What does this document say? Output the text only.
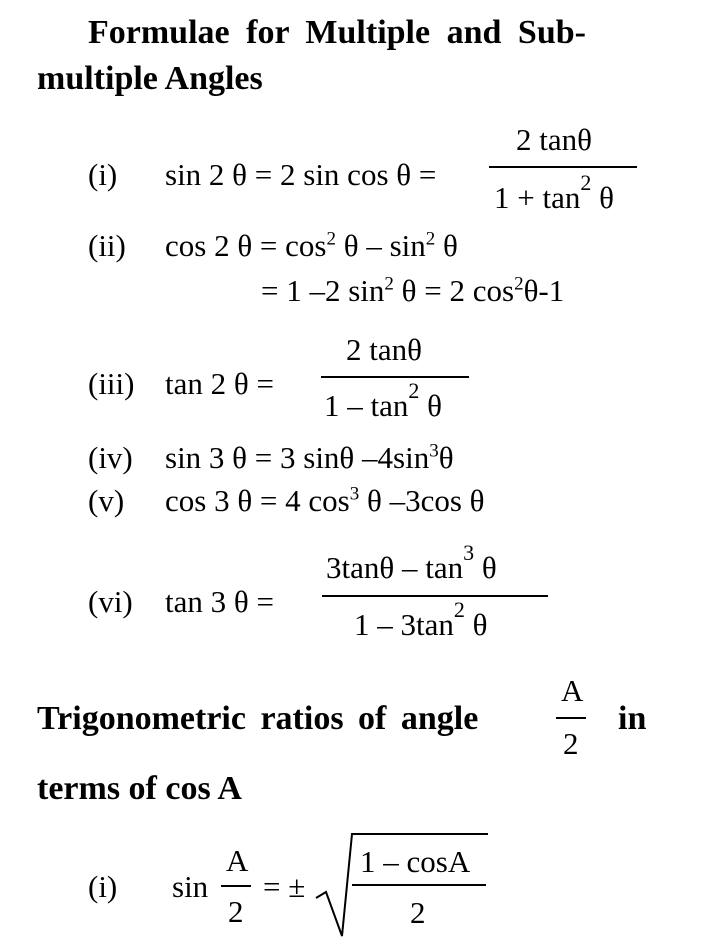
Formulae for Multiple and Sub-
multiple Angles
(i) sin 2 θ = 2 sin cos θ =
2 tanθ
$1 + \tan^2 \theta$
(ii) cos 2 $\theta = \cos^2 \theta - \sin^2 \theta$
= 1 –2 $\sin^2 \theta = 2$ $\cos^2\theta-1$
(iii) tan 2 θ =
2 tanθ
$1 - \tan^2 \theta$
(iv) sin 3 θ = 3 sinθ $-4\sin^3\theta$
(v) cos 3 θ = 4 $\cos^3 \theta$ –3cos θ
(vi) tan 3 θ =
$3\tan\theta - \tan^3 \theta$
$1 - 3\tan^2$ θ
Trigonometric ratios of angle
A
2
in
terms of cos A
(i) sin
A
2
= ±
1 – cosA
2
